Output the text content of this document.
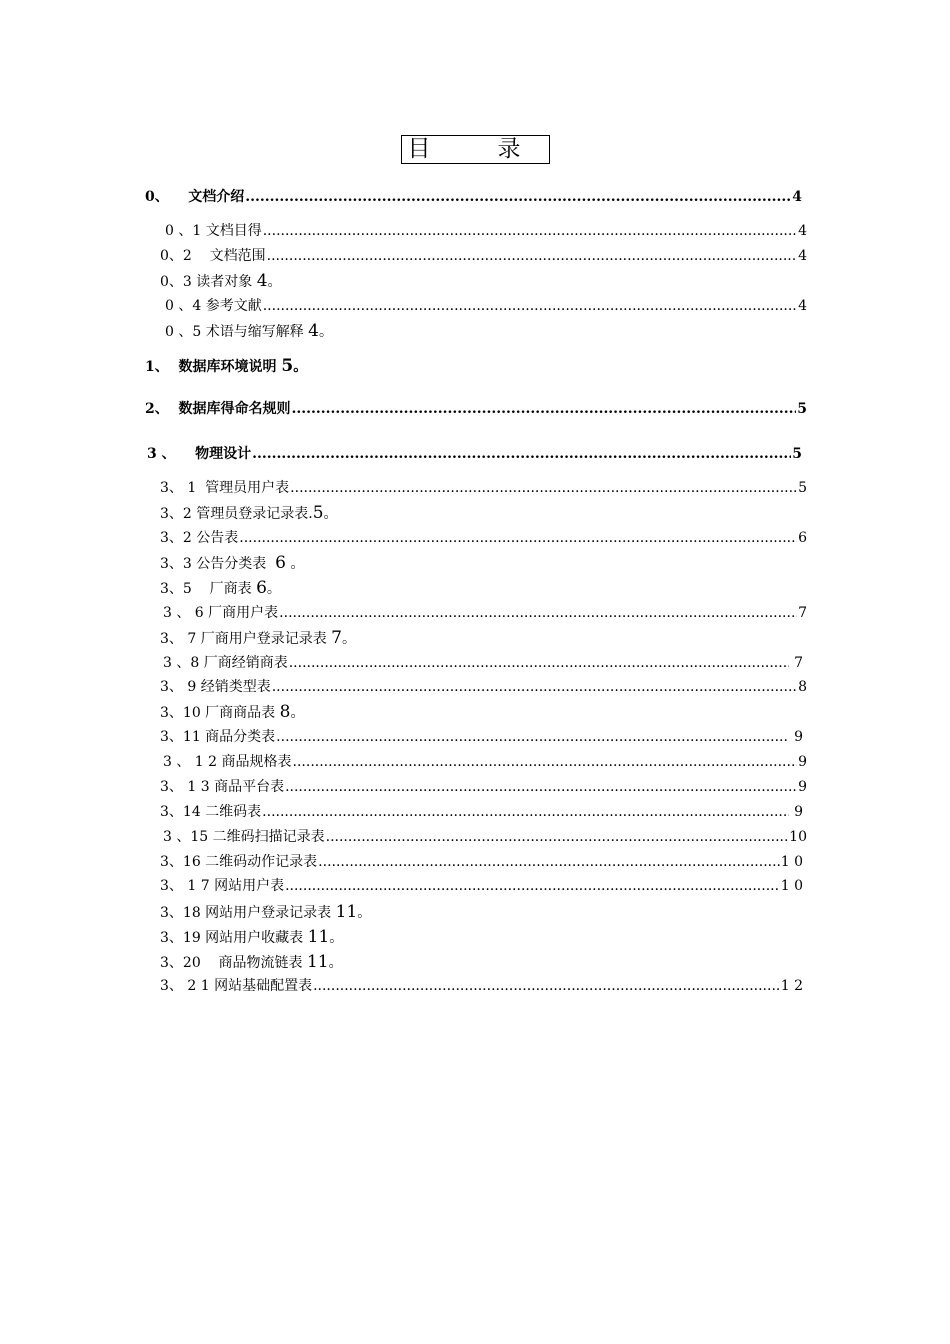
目　录
0、    文档介绍 .....	4
0 、1 文档目得 .....	4
0、2    文档范围 .....	4
0、3 读者对象 4 。
0 、4 参考文献 .....	4
0 、5 术语与缩写解释 4 。
1、  数据库环境说明 5 。
2、  数据库得命名规则 .....	5
3 、    物理设计 .....	5
3、 1  管理员用户表 .....	5
3、2 管理员登录记录表. 5 。
3、2 公告表 .....	6
3、3 公告分类表 6 。
3、5    厂商表 6 。
3 、 6 厂商用户表 .....	7
3、 7 厂商用户登录记录表 7 。
3 、8 厂商经销商表 .....	7
3、 9 经销类型表 .....	8
3、10 厂商商品表 8 。
3、11 商品分类表 .....	9
3 、 1 2 商品规格表 .....	9
3、 1 3 商品平台表 .....	9
3、14 二维码表 .....	9
3 、15 二维码扫描记录表 .....	10
3、16 二维码动作记录表 .....	1 0
3、 1 7 网站用户表 .....	1 0
3、18 网站用户登录记录表 11 。
3、19 网站用户收藏表 11 。
3、20    商品物流链表 11 。
3、 2 1 网站基础配置表 .....	1 2
